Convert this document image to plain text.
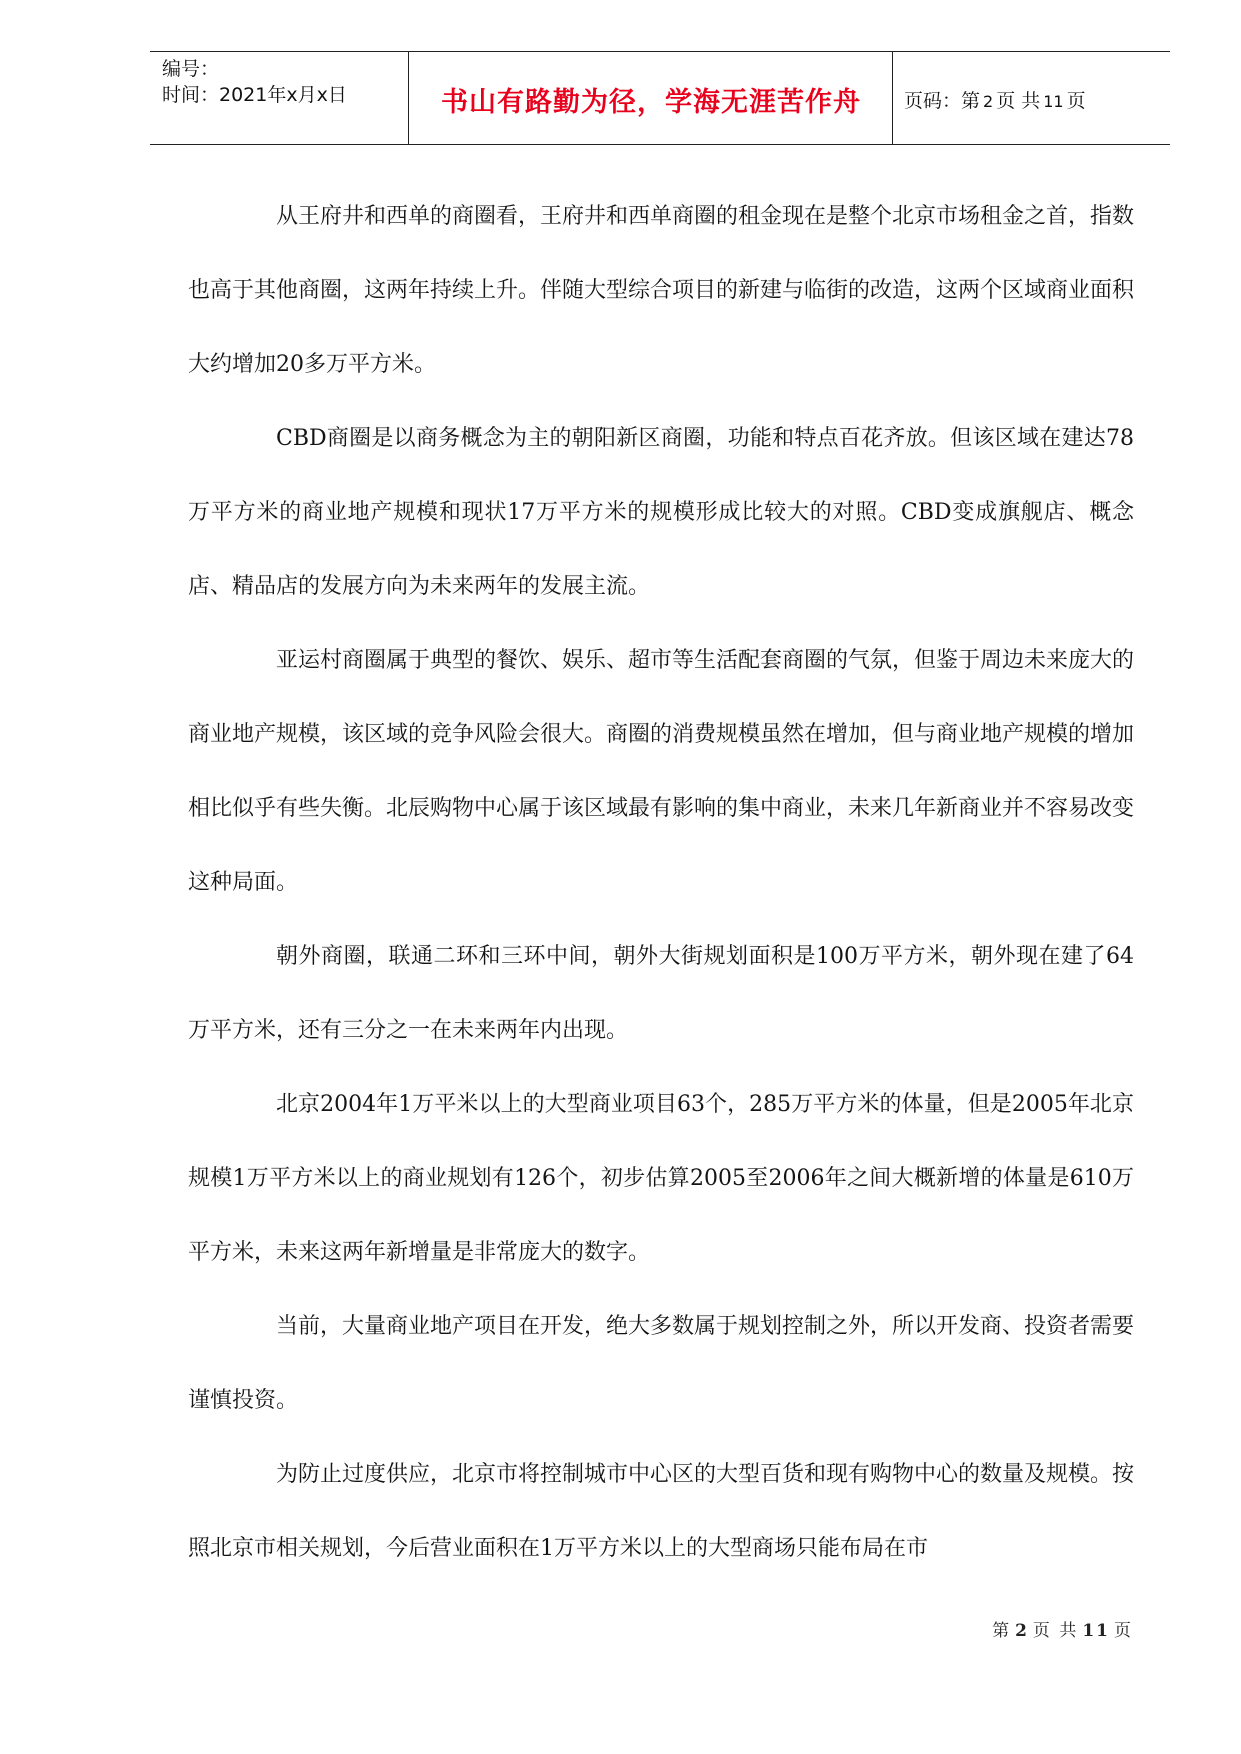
编号：
时间：2021年x月x日	书山有路勤为径，学海无涯苦作舟	页码：第 2 页 共 11 页

从王府井和西单的商圈看，王府井和西单商圈的租金现在是整个北京市场租金之首，指数也高于其他商圈，这两年持续上升。伴随大型综合项目的新建与临街的改造，这两个区域商业面积大约增加20多万平方米。

CBD商圈是以商务概念为主的朝阳新区商圈，功能和特点百花齐放。但该区域在建达78万平方米的商业地产规模和现状17万平方米的规模形成比较大的对照。CBD变成旗舰店、概念店、精品店的发展方向为未来两年的发展主流。

亚运村商圈属于典型的餐饮、娱乐、超市等生活配套商圈的气氛，但鉴于周边未来庞大的商业地产规模，该区域的竞争风险会很大。商圈的消费规模虽然在增加，但与商业地产规模的增加相比似乎有些失衡。北辰购物中心属于该区域最有影响的集中商业，未来几年新商业并不容易改变这种局面。

朝外商圈，联通二环和三环中间，朝外大街规划面积是100万平方米，朝外现在建了64万平方米，还有三分之一在未来两年内出现。

北京2004年1万平米以上的大型商业项目63个，285万平方米的体量，但是2005年北京规模1万平方米以上的商业规划有126个，初步估算2005至2006年之间大概新增的体量是610万平方米，未来这两年新增量是非常庞大的数字。

当前，大量商业地产项目在开发，绝大多数属于规划控制之外，所以开发商、投资者需要谨慎投资。

为防止过度供应，北京市将控制城市中心区的大型百货和现有购物中心的数量及规模。按照北京市相关规划，今后营业面积在1万平方米以上的大型商场只能布局在市

第 2 页 共 11 页
